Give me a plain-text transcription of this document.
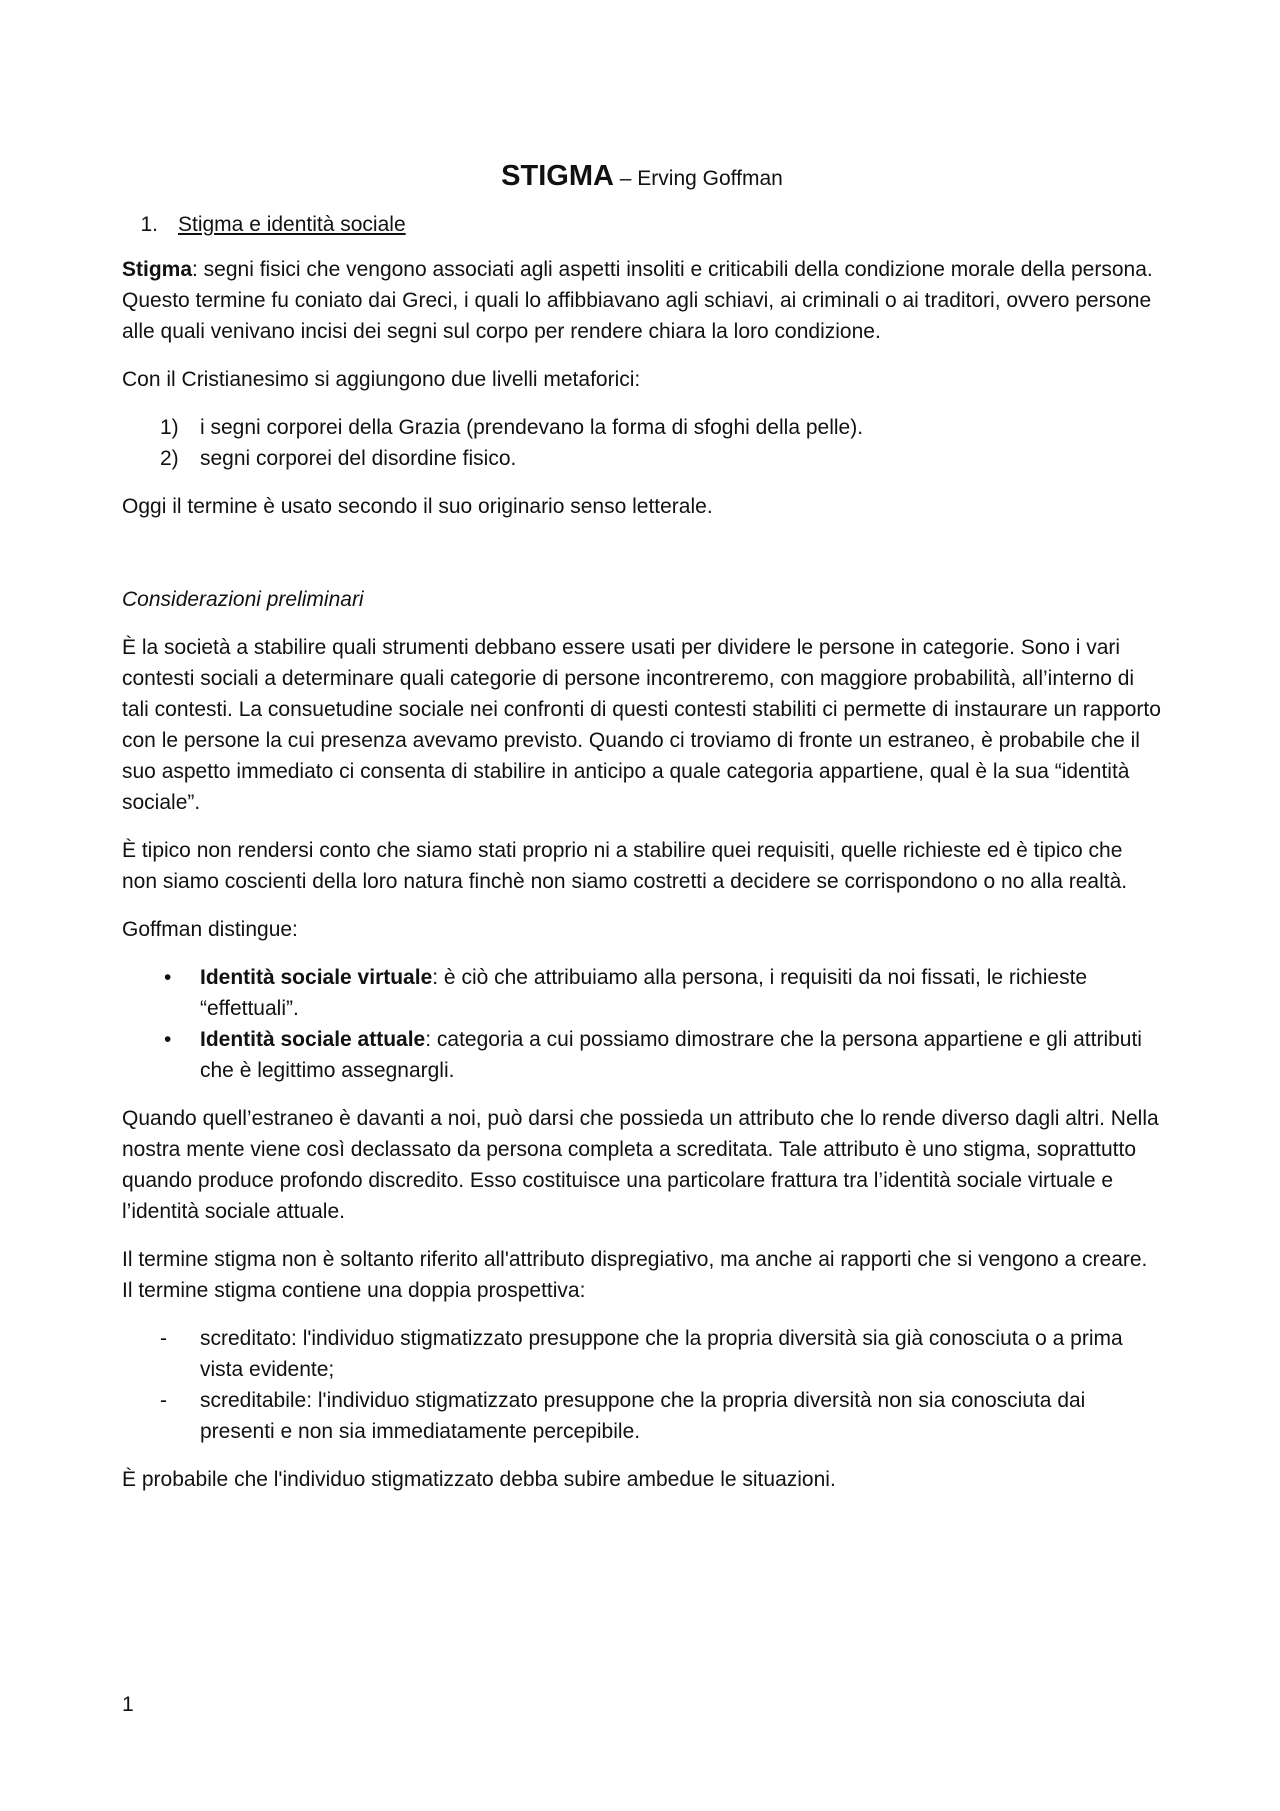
STIGMA – Erving Goffman
1. Stigma e identità sociale

Stigma: segni fisici che vengono associati agli aspetti insoliti e criticabili della condizione morale della persona. Questo termine fu coniato dai Greci, i quali lo affibbiavano agli schiavi, ai criminali o ai traditori, ovvero persone alle quali venivano incisi dei segni sul corpo per rendere chiara la loro condizione.

Con il Cristianesimo si aggiungono due livelli metaforici:

1)	i segni corporei della Grazia (prendevano la forma di sfoghi della pelle).
2)	segni corporei del disordine fisico.

Oggi il termine è usato secondo il suo originario senso letterale.

Considerazioni preliminari

È la società a stabilire quali strumenti debbano essere usati per dividere le persone in categorie. Sono i vari contesti sociali a determinare quali categorie di persone incontreremo, con maggiore probabilità, all’interno di tali contesti. La consuetudine sociale nei confronti di questi contesti stabiliti ci permette di instaurare un rapporto con le persone la cui presenza avevamo previsto. Quando ci troviamo di fronte un estraneo, è probabile che il suo aspetto immediato ci consenta di stabilire in anticipo a quale categoria appartiene, qual è la sua “identità sociale”.

È tipico non rendersi conto che siamo stati proprio ni a stabilire quei requisiti, quelle richieste ed è tipico che non siamo coscienti della loro natura finchè non siamo costretti a decidere se corrispondono o no alla realtà.

Goffman distingue:

•	Identità sociale virtuale: è ciò che attribuiamo alla persona, i requisiti da noi fissati, le richieste “effettuali”.
•	Identità sociale attuale: categoria a cui possiamo dimostrare che la persona appartiene e gli attributi che è legittimo assegnargli.

Quando quell’estraneo è davanti a noi, può darsi che possieda un attributo che lo rende diverso dagli altri. Nella nostra mente viene così declassato da persona completa a screditata. Tale attributo è uno stigma, soprattutto quando produce profondo discredito. Esso costituisce una particolare frattura tra l’identità sociale virtuale e l’identità sociale attuale.

Il termine stigma non è soltanto riferito all'attributo dispregiativo, ma anche ai rapporti che si vengono a creare. Il termine stigma contiene una doppia prospettiva:

-	screditato: l'individuo stigmatizzato presuppone che la propria diversità sia già conosciuta o a prima vista evidente;
-	screditabile: l'individuo stigmatizzato presuppone che la propria diversità non sia conosciuta dai presenti e non sia immediatamente percepibile.

È probabile che l'individuo stigmatizzato debba subire ambedue le situazioni.

1
